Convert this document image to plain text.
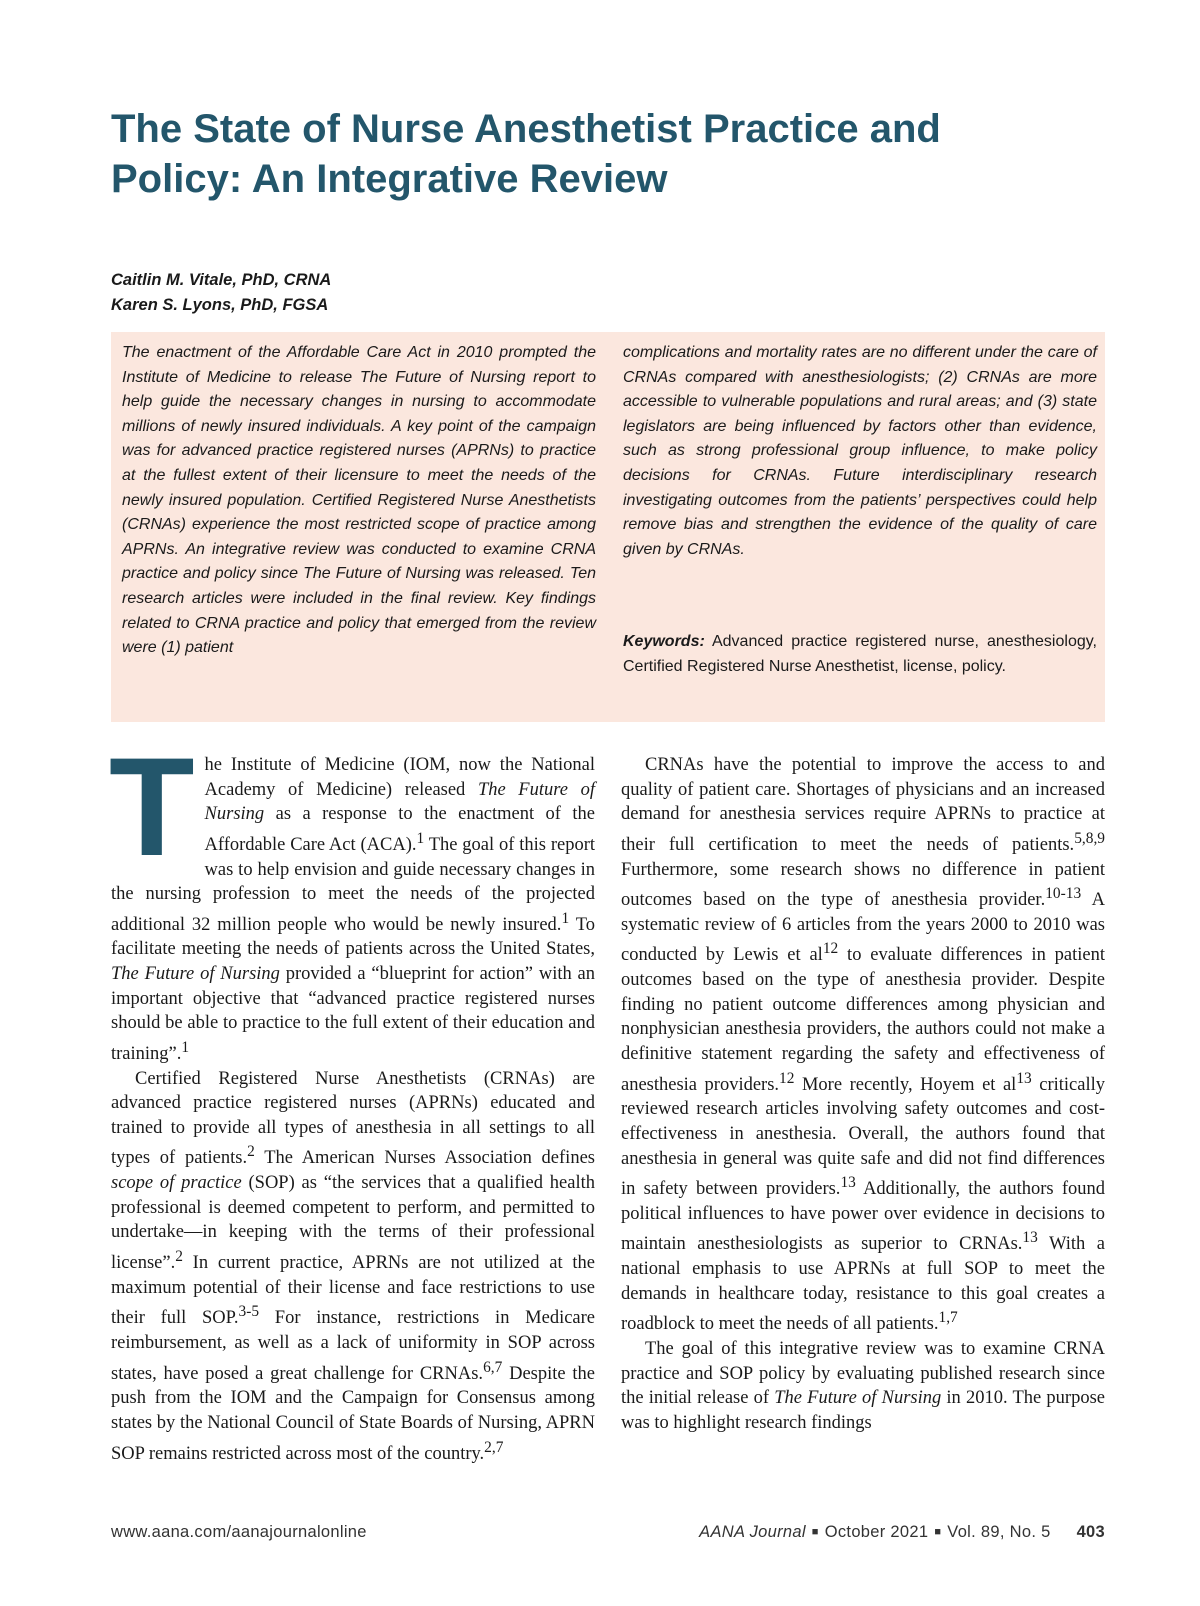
The State of Nurse Anesthetist Practice and Policy: An Integrative Review
Caitlin M. Vitale, PhD, CRNA
Karen S. Lyons, PhD, FGSA
The enactment of the Affordable Care Act in 2010 prompted the Institute of Medicine to release The Future of Nursing report to help guide the necessary changes in nursing to accommodate millions of newly insured individuals. A key point of the campaign was for advanced practice registered nurses (APRNs) to practice at the fullest extent of their licensure to meet the needs of the newly insured population. Certified Registered Nurse Anesthetists (CRNAs) experience the most restricted scope of practice among APRNs. An integrative review was conducted to examine CRNA practice and policy since The Future of Nursing was released. Ten research articles were included in the final review. Key findings related to CRNA practice and policy that emerged from the review were (1) patient
complications and mortality rates are no different under the care of CRNAs compared with anesthesiologists; (2) CRNAs are more accessible to vulnerable populations and rural areas; and (3) state legislators are being influenced by factors other than evidence, such as strong professional group influence, to make policy decisions for CRNAs. Future interdisciplinary research investigating outcomes from the patients’ perspectives could help remove bias and strengthen the evidence of the quality of care given by CRNAs.
Keywords: Advanced practice registered nurse, anesthesiology, Certified Registered Nurse Anesthetist, license, policy.

The Institute of Medicine (IOM, now the National Academy of Medicine) released The Future of Nursing as a response to the enactment of the Affordable Care Act (ACA).$^1$ The goal of this report was to help envision and guide necessary changes in the nursing profession to meet the needs of the projected additional 32 million people who would be newly insured.$^1$ To facilitate meeting the needs of patients across the United States, The Future of Nursing provided a “blueprint for action” with an important objective that “advanced practice registered nurses should be able to practice to the full extent of their education and training”.$^1$

Certified Registered Nurse Anesthetists (CRNAs) are advanced practice registered nurses (APRNs) educated and trained to provide all types of anesthesia in all settings to all types of patients.$^2$ The American Nurses Association defines scope of practice (SOP) as “the services that a qualified health professional is deemed competent to perform, and permitted to undertake—in keeping with the terms of their professional license”.$^2$ In current practice, APRNs are not utilized at the maximum potential of their license and face restrictions to use their full SOP.$^{3-5}$ For instance, restrictions in Medicare reimbursement, as well as a lack of uniformity in SOP across states, have posed a great challenge for CRNAs.$^{6,7}$ Despite the push from the IOM and the Campaign for Consensus among states by the National Council of State Boards of Nursing, APRN SOP remains restricted across most of the country.$^{2,7}$

CRNAs have the potential to improve the access to and quality of patient care. Shortages of physicians and an increased demand for anesthesia services require APRNs to practice at their full certification to meet the needs of patients.$^{5,8,9}$ Furthermore, some research shows no difference in patient outcomes based on the type of anesthesia provider.$^{10-13}$ A systematic review of 6 articles from the years 2000 to 2010 was conducted by Lewis et $al^{12}$ to evaluate differences in patient outcomes based on the type of anesthesia provider. Despite finding no patient outcome differences among physician and nonphysician anesthesia providers, the authors could not make a definitive statement regarding the safety and effectiveness of anesthesia providers.$^{12}$ More recently, Hoyem et $al^{13}$ critically reviewed research articles involving safety outcomes and cost-effectiveness in anesthesia. Overall, the authors found that anesthesia in general was quite safe and did not find differences in safety between providers.$^{13}$ Additionally, the authors found political influences to have power over evidence in decisions to maintain anesthesiologists as superior to CRNAs.$^{13}$ With a national emphasis to use APRNs at full SOP to meet the demands in healthcare today, resistance to this goal creates a roadblock to meet the needs of all patients.$^{1,7}$

The goal of this integrative review was to examine CRNA practice and SOP policy by evaluating published research since the initial release of The Future of Nursing in 2010. The purpose was to highlight research findings

www.aana.com/aanajournalonline	AANA Journal ■ October 2021 ■ Vol. 89, No. 5 403
